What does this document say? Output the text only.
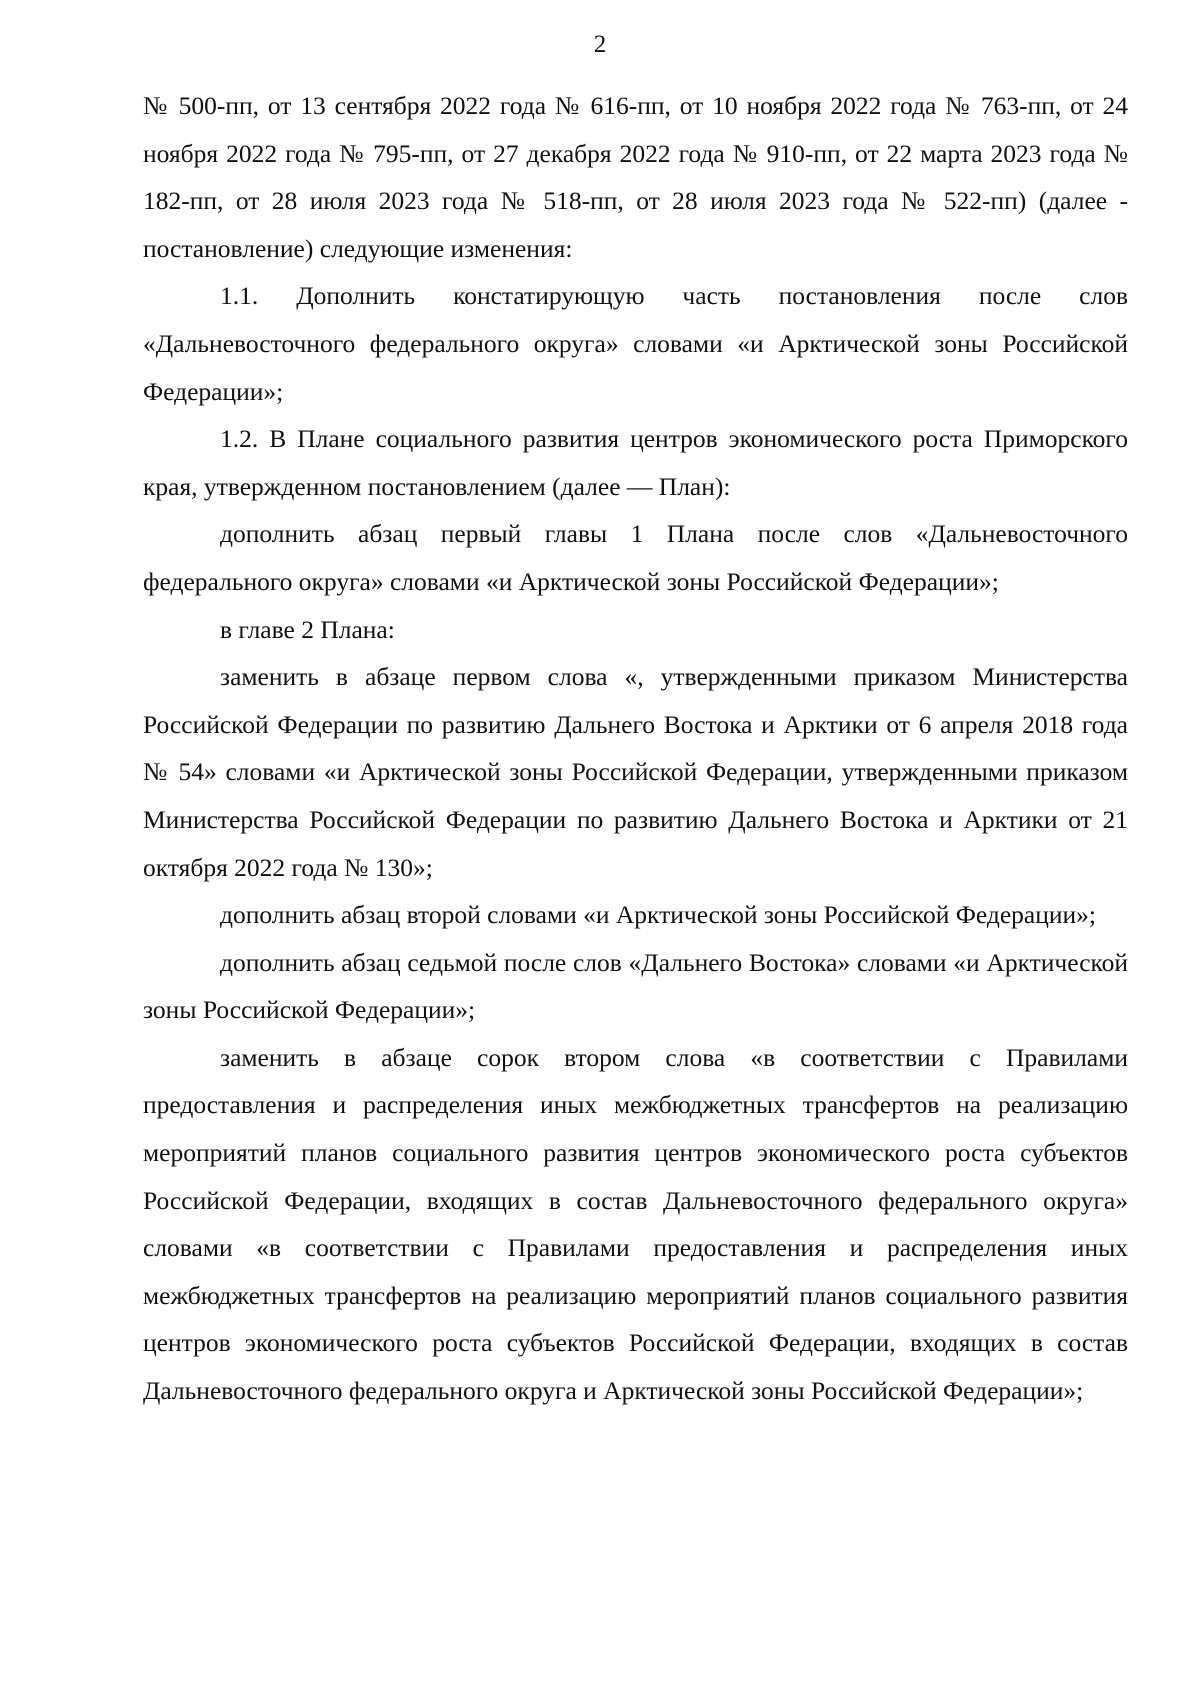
2

№ 500-пп, от 13 сентября 2022 года № 616-пп, от 10 ноября 2022 года № 763-пп, от 24 ноября 2022 года № 795-пп, от 27 декабря 2022 года № 910-пп, от 22 марта 2023 года № 182-пп, от 28 июля 2023 года № 518-пп, от 28 июля 2023 года № 522-пп) (далее - постановление) следующие изменения:

1.1. Дополнить констатирующую часть постановления после слов «Дальневосточного федерального округа» словами «и Арктической зоны Российской Федерации»;

1.2. В Плане социального развития центров экономического роста Приморского края, утвержденном постановлением (далее — План):

дополнить абзац первый главы 1 Плана после слов «Дальневосточного федерального округа» словами «и Арктической зоны Российской Федерации»;

в главе 2 Плана:

заменить в абзаце первом слова «, утвержденными приказом Министерства Российской Федерации по развитию Дальнего Востока и Арктики от 6 апреля 2018 года № 54» словами «и Арктической зоны Российской Федерации, утвержденными приказом Министерства Российской Федерации по развитию Дальнего Востока и Арктики от 21 октября 2022 года № 130»;

дополнить абзац второй словами «и Арктической зоны Российской Федерации»;

дополнить абзац седьмой после слов «Дальнего Востока» словами «и Арктической зоны Российской Федерации»;

заменить в абзаце сорок втором слова «в соответствии с Правилами предоставления и распределения иных межбюджетных трансфертов на реализацию мероприятий планов социального развития центров экономического роста субъектов Российской Федерации, входящих в состав Дальневосточного федерального округа» словами «в соответствии с Правилами предоставления и распределения иных межбюджетных трансфертов на реализацию мероприятий планов социального развития центров экономического роста субъектов Российской Федерации, входящих в состав Дальневосточного федерального округа и Арктической зоны Российской Федерации»;
